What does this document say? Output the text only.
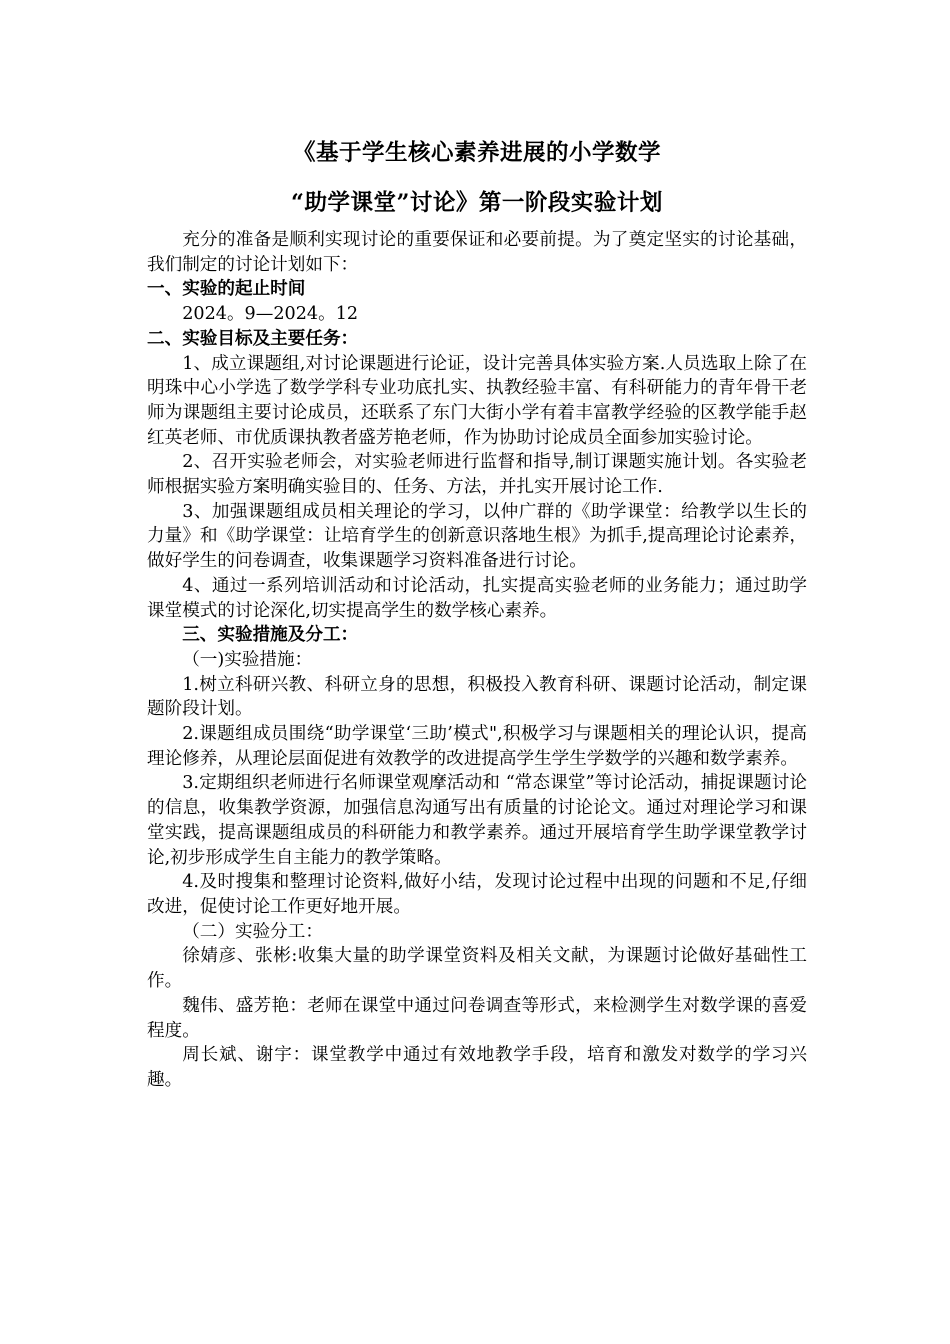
《基于学生核心素养进展的小学数学
“助学课堂”讨论》第一阶段实验计划

充分的准备是顺利实现讨论的重要保证和必要前提。为了奠定坚实的讨论基础，我们制定的讨论计划如下：

一、实验的起止时间

2024。9—2024。12

二、实验目标及主要任务：

1、成立课题组,对讨论课题进行论证，设计完善具体实验方案.人员选取上除了在明珠中心小学选了数学学科专业功底扎实、执教经验丰富、有科研能力的青年骨干老师为课题组主要讨论成员，还联系了东门大街小学有着丰富教学经验的区教学能手赵红英老师、市优质课执教者盛芳艳老师，作为协助讨论成员全面参加实验讨论。

2、召开实验老师会，对实验老师进行监督和指导,制订课题实施计划。各实验老师根据实验方案明确实验目的、任务、方法，并扎实开展讨论工作.

3、加强课题组成员相关理论的学习，以仲广群的《助学课堂：给教学以生长的力量》和《助学课堂：让培育学生的创新意识落地生根》为抓手,提高理论讨论素养，做好学生的问卷调查，收集课题学习资料准备进行讨论。

4、通过一系列培训活动和讨论活动，扎实提高实验老师的业务能力；通过助学课堂模式的讨论深化,切实提高学生的数学核心素养。

三、实验措施及分工：

（一)实验措施：

1.树立科研兴教、科研立身的思想，积极投入教育科研、课题讨论活动，制定课题阶段计划。

2.课题组成员围绕“助学课堂‘三助’模式",积极学习与课题相关的理论认识，提高理论修养，从理论层面促进有效教学的改进提高学生学生学数学的兴趣和数学素养。

3.定期组织老师进行名师课堂观摩活动和 “常态课堂”等讨论活动，捕捉课题讨论的信息，收集教学资源，加强信息沟通写出有质量的讨论论文。通过对理论学习和课堂实践，提高课题组成员的科研能力和教学素养。通过开展培育学生助学课堂教学讨论,初步形成学生自主能力的教学策略。

4.及时搜集和整理讨论资料,做好小结，发现讨论过程中出现的问题和不足,仔细改进，促使讨论工作更好地开展。

（二）实验分工：

徐婧彦、张彬:收集大量的助学课堂资料及相关文献，为课题讨论做好基础性工作。

魏伟、盛芳艳：老师在课堂中通过问卷调查等形式，来检测学生对数学课的喜爱程度。

周长斌、谢宇：课堂教学中通过有效地教学手段，培育和激发对数学的学习兴趣。
